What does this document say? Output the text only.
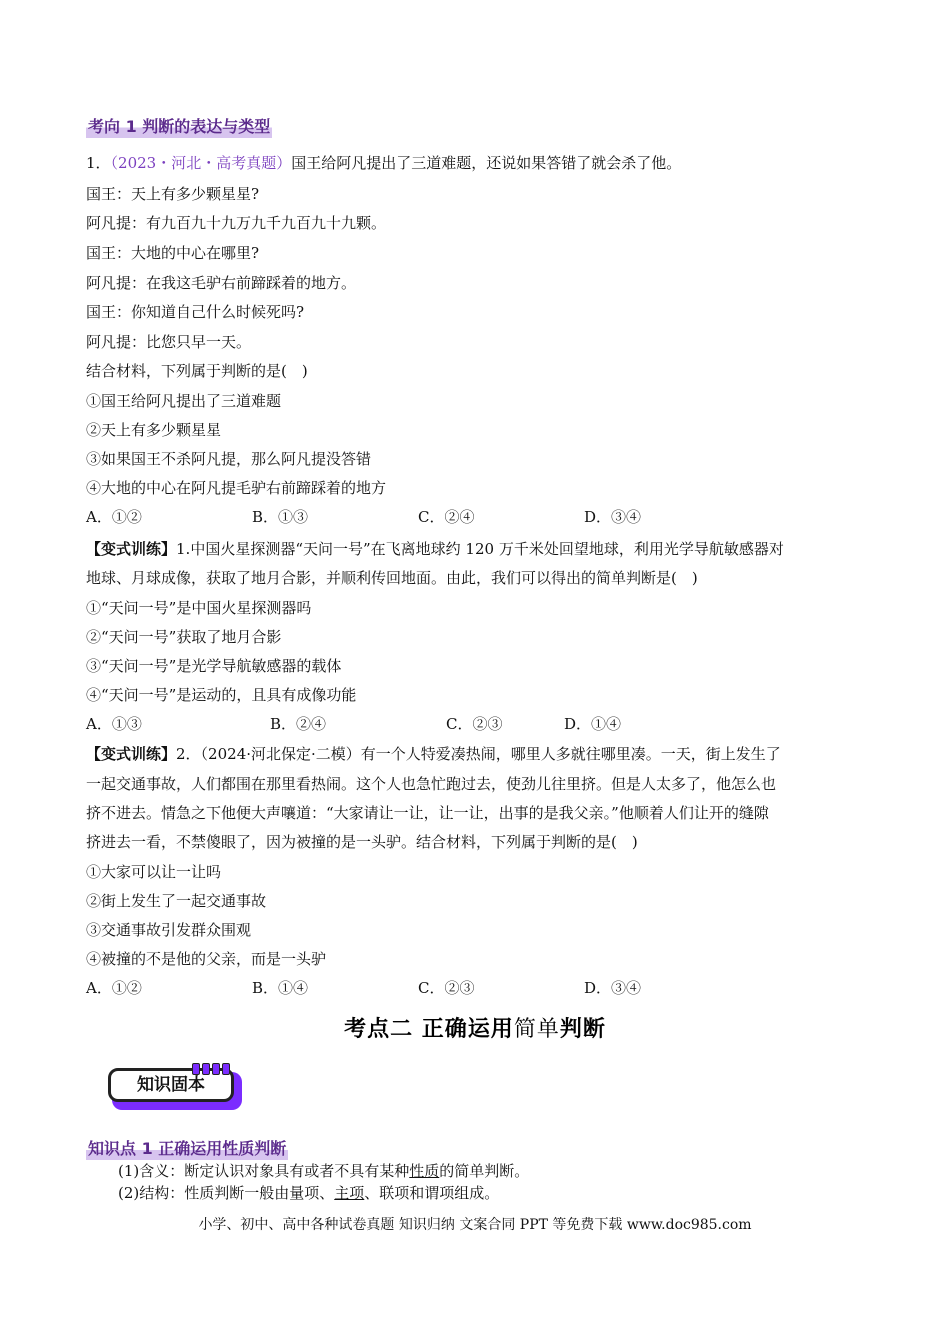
考向 1 判断的表达与类型
1．（2023・河北・高考真题）国王给阿凡提出了三道难题，还说如果答错了就会杀了他。
国王：天上有多少颗星星?
阿凡提：有九百九十九万九千九百九十九颗。
国王：大地的中心在哪里?
阿凡提：在我这毛驴右前蹄踩着的地方。
国王：你知道自己什么时候死吗?
阿凡提：比您只早一天。
结合材料，下列属于判断的是(　)
①国王给阿凡提出了三道难题
②天上有多少颗星星
③如果国王不杀阿凡提，那么阿凡提没答错
④大地的中心在阿凡提毛驴右前蹄踩着的地方
A．①②	B．①③	C．②④	D．③④
【变式训练】1.中国火星探测器“天问一号”在飞离地球约 120 万千米处回望地球，利用光学导航敏感器对
地球、月球成像，获取了地月合影，并顺利传回地面。由此，我们可以得出的简单判断是(　)
①“天问一号”是中国火星探测器吗
②“天问一号”获取了地月合影
③“天问一号”是光学导航敏感器的载体
④“天问一号”是运动的，且具有成像功能
A．①③	B．②④	C．②③	D．①④
【变式训练】2．（2024·河北保定·二模）有一个人特爱凑热闹，哪里人多就往哪里凑。一天，街上发生了
一起交通事故，人们都围在那里看热闹。这个人也急忙跑过去，使劲儿往里挤。但是人太多了，他怎么也
挤不进去。情急之下他便大声嚷道：“大家请让一让，让一让，出事的是我父亲。”他顺着人们让开的缝隙
挤进去一看，不禁傻眼了，因为被撞的是一头驴。结合材料，下列属于判断的是(　)
①大家可以让一让吗
②街上发生了一起交通事故
③交通事故引发群众围观
④被撞的不是他的父亲，而是一头驴
A．①②	B．①④	C．②③	D．③④
考点二 正确运用简单判断
知识固本
知识点 1 正确运用性质判断
(1)含义：断定认识对象具有或者不具有某种性质的简单判断。
(2)结构：性质判断一般由量项、主项、联项和谓项组成。
小学、初中、高中各种试卷真题 知识归纳 文案合同 PPT 等免费下载 www.doc985.com
